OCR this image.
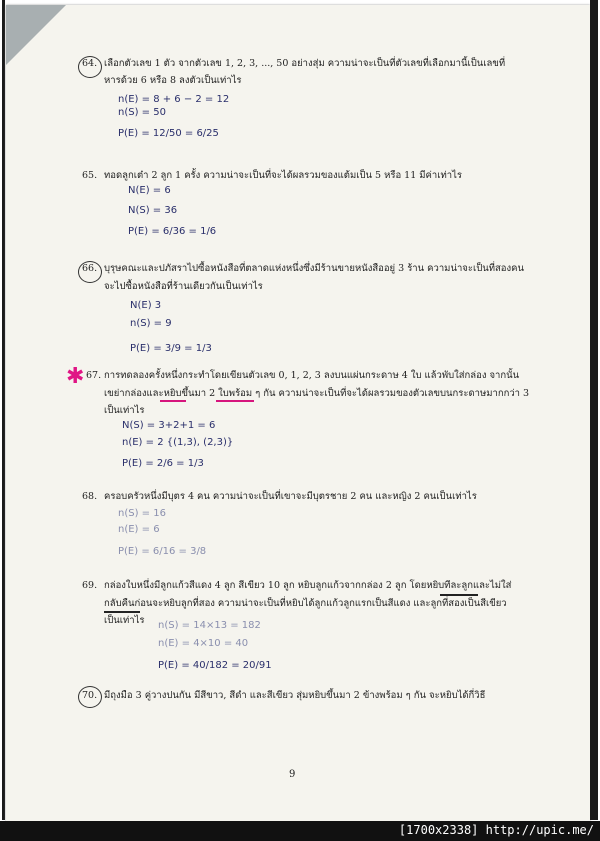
64. เลือกตัวเลข 1 ตัว จากตัวเลข 1, 2, 3, ..., 50 อย่างสุ่ม ความน่าจะเป็นที่ตัวเลขที่เลือกมานี้เป็นเลขที่
หารด้วย 6 หรือ 8 ลงตัวเป็นเท่าไร
n(E) = 8 + 6 − 2 = 12
n(S) = 50
P(E) = 12/50 = 6/25
65. ทอดลูกเต๋า 2 ลูก 1 ครั้ง ความน่าจะเป็นที่จะได้ผลรวมของแต้มเป็น 5 หรือ 11 มีค่าเท่าไร
N(E) = 6
N(S) = 36
P(E) = 6/36 = 1/6
66. บุรุษคณะและปภัสราไปซื้อหนังสือที่ตลาดแห่งหนึ่งซึ่งมีร้านขายหนังสืออยู่ 3 ร้าน ความน่าจะเป็นที่สองคน
จะไปซื้อหนังสือที่ร้านเดียวกันเป็นเท่าไร
N(E) 3
n(S) = 9
P(E) = 3/9 = 1/3
✱ 67. การทดลองครั้งหนึ่งกระทำโดยเขียนตัวเลข 0, 1, 2, 3 ลงบนแผ่นกระดาษ 4 ใบ แล้วพับใส่กล่อง จากนั้น
เขย่ากล่องและหยิบขึ้นมา 2 ใบพร้อม ๆ กัน ความน่าจะเป็นที่จะได้ผลรวมของตัวเลขบนกระดาษมากกว่า 3
เป็นเท่าไร
N(S) = 3+2+1 = 6
n(E) = 2 {(1,3), (2,3)}
P(E) = 2/6 = 1/3
68. ครอบครัวหนึ่งมีบุตร 4 คน ความน่าจะเป็นที่เขาจะมีบุตรชาย 2 คน และหญิง 2 คนเป็นเท่าไร
n(S) = 16
n(E) = 6
P(E) = 6/16 = 3/8
69. กล่องใบหนึ่งมีลูกแก้วสีแดง 4 ลูก สีเขียว 10 ลูก หยิบลูกแก้วจากกล่อง 2 ลูก โดยหยิบทีละลูกและไม่ใส่
กลับคืนก่อนจะหยิบลูกที่สอง ความน่าจะเป็นที่หยิบได้ลูกแก้วลูกแรกเป็นสีแดง และลูกที่สองเป็นสีเขียว
เป็นเท่าไร n(S) = 14×13 = 182
n(E) = 4×10 = 40
P(E) = 40/182 = 20/91
70. มีถุงมือ 3 คู่วางปนกัน มีสีขาว, สีดำ และสีเขียว สุ่มหยิบขึ้นมา 2 ข้างพร้อม ๆ กัน จะหยิบได้กี่วิธี
9
[1700x2338] http://upic.me/
